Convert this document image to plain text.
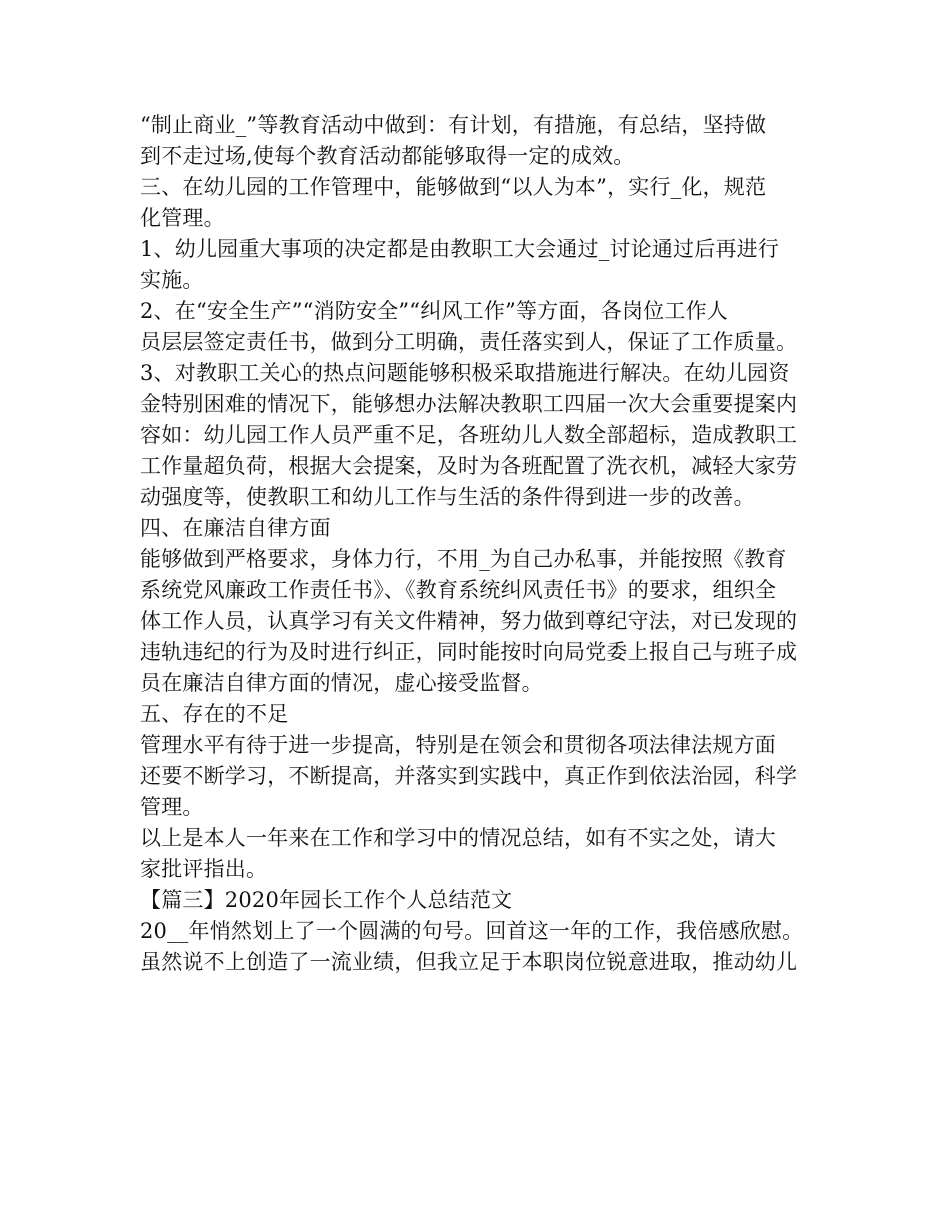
“制止商业_”等教育活动中做到：有计划，有措施，有总结，坚持做
到不走过场,使每个教育活动都能够取得一定的成效。
三、在幼儿园的工作管理中，能够做到“以人为本”，实行_化，规范
化管理。
1、幼儿园重大事项的决定都是由教职工大会通过_讨论通过后再进行
实施。
2、在“安全生产”“消防安全”“纠风工作”等方面，各岗位工作人
员层层签定责任书，做到分工明确，责任落实到人，保证了工作质量。
3、对教职工关心的热点问题能够积极采取措施进行解决。在幼儿园资
金特别困难的情况下，能够想办法解决教职工四届一次大会重要提案内
容如：幼儿园工作人员严重不足，各班幼儿人数全部超标，造成教职工
工作量超负荷，根据大会提案，及时为各班配置了洗衣机，减轻大家劳
动强度等，使教职工和幼儿工作与生活的条件得到进一步的改善。
四、在廉洁自律方面
能够做到严格要求，身体力行，不用_为自己办私事，并能按照《教育
系统党风廉政工作责任书》、《教育系统纠风责任书》的要求，组织全
体工作人员，认真学习有关文件精神，努力做到尊纪守法，对已发现的
违轨违纪的行为及时进行纠正，同时能按时向局党委上报自己与班子成
员在廉洁自律方面的情况，虚心接受监督。
五、存在的不足
管理水平有待于进一步提高，特别是在领会和贯彻各项法律法规方面
还要不断学习，不断提高，并落实到实践中，真正作到依法治园，科学
管理。
以上是本人一年来在工作和学习中的情况总结，如有不实之处，请大
家批评指出。
【篇三】2020年园长工作个人总结范文
20__年悄然划上了一个圆满的句号。回首这一年的工作，我倍感欣慰。
虽然说不上创造了一流业绩，但我立足于本职岗位锐意进取，推动幼儿
